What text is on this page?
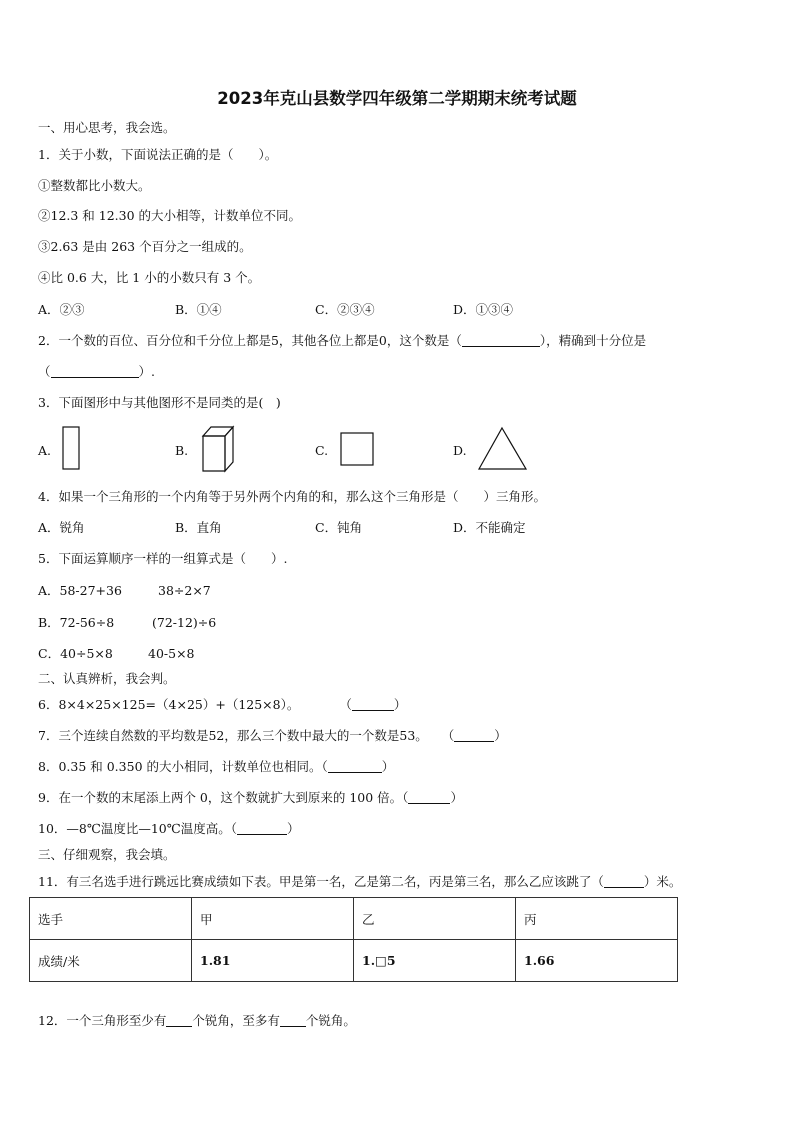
2023年克山县数学四年级第二学期期末统考试题
一、用心思考，我会选。
1．关于小数，下面说法正确的是（　　）。
①整数都比小数大。
②12.3 和 12.30 的大小相等，计数单位不同。
③2.63 是由 263 个百分之一组成的。
④比 0.6 大，比 1 小的小数只有 3 个。
A．②③	B．①④	C．②③④	D．①③④
2．一个数的百位、百分位和千分位上都是5，其他各位上都是0，这个数是（	），精确到十分位是
（	）.
3．下面图形中与其他图形不是同类的是(　)
A.	B.	C.	D.
4．如果一个三角形的一个内角等于另外两个内角的和，那么这个三角形是（　　）三角形。
A．锐角	B．直角	C．钝角	D．不能确定
5．下面运算顺序一样的一组算式是（　　）.
A．58-27+36	38÷2×7
B．72-56÷8	(72-12)÷6
C．40÷5×8	40-5×8
二、认真辨析，我会判。
6．8×4×25×125=（4×25）+（125×8）。	（	）
7．三个连续自然数的平均数是52，那么三个数中最大的一个数是53。 （	）
8．0.35 和 0.350 的大小相同，计数单位也相同。（	）
9．在一个数的末尾添上两个 0，这个数就扩大到原来的 100 倍。（	）
10．—8℃温度比—10℃温度高。（	）
三、仔细观察，我会填。
11．有三名选手进行跳远比赛成绩如下表。甲是第一名，乙是第二名，丙是第三名，那么乙应该跳了（	）米。
选手	甲	乙	丙
成绩/米	1.81	1.□5	1.66
12．一个三角形至少有 个锐角，至多有 个锐角。
